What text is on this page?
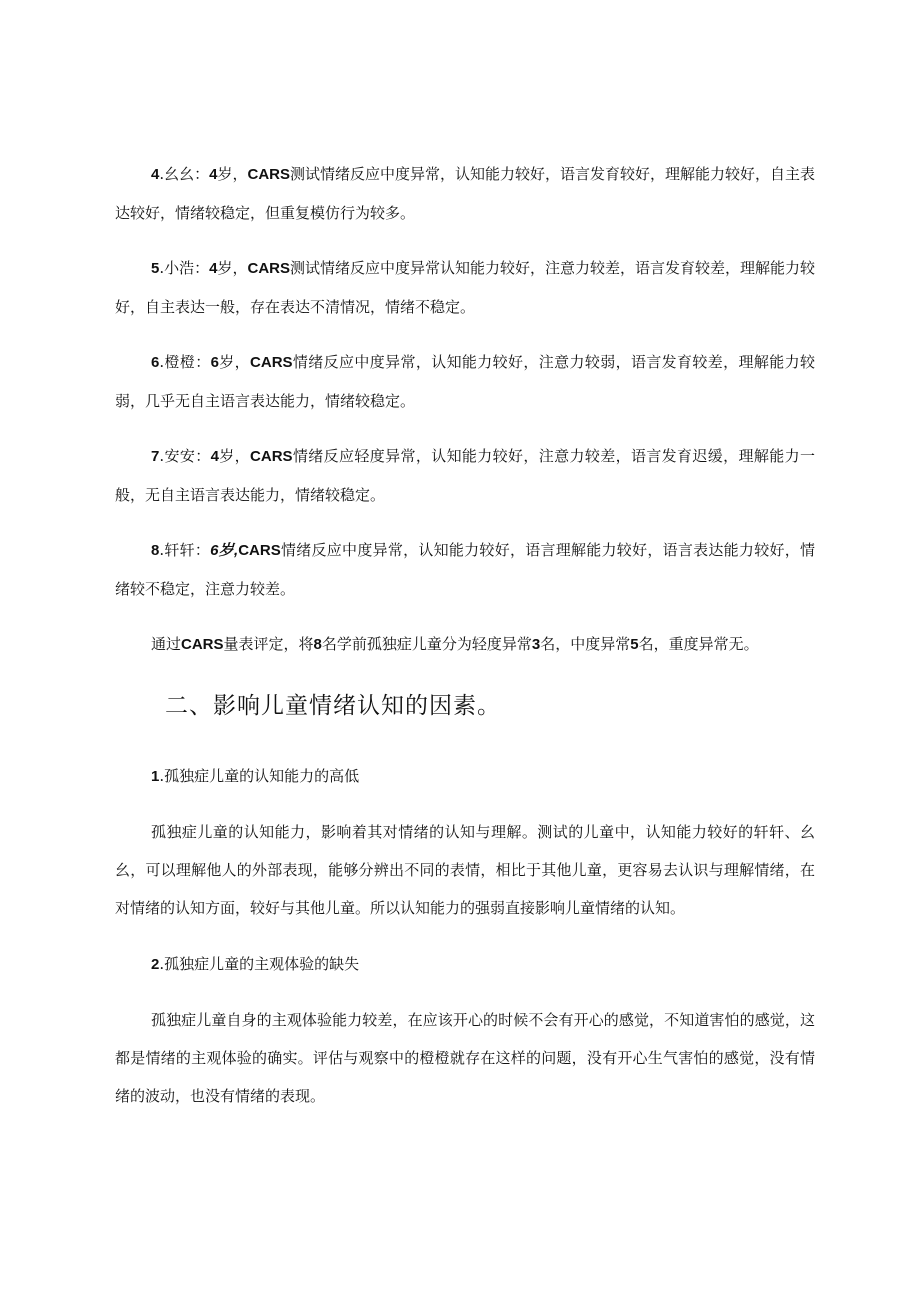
4.幺幺：4岁，CARS测试情绪反应中度异常，认知能力较好，语言发育较好，理解能力较好，自主表达较好，情绪较稳定，但重复模仿行为较多。

5.小浩：4岁，CARS测试情绪反应中度异常认知能力较好，注意力较差，语言发育较差，理解能力较好，自主表达一般，存在表达不清情况，情绪不稳定。

6.橙橙：6岁，CARS情绪反应中度异常，认知能力较好，注意力较弱，语言发育较差，理解能力较弱，几乎无自主语言表达能力，情绪较稳定。

7.安安：4岁，CARS情绪反应轻度异常，认知能力较好，注意力较差，语言发育迟缓，理解能力一般，无自主语言表达能力，情绪较稳定。

8.轩轩：6岁,CARS情绪反应中度异常，认知能力较好，语言理解能力较好，语言表达能力较好，情绪较不稳定，注意力较差。

通过CARS量表评定，将8名学前孤独症儿童分为轻度异常3名，中度异常5名，重度异常无。

二、影响儿童情绪认知的因素。

1.孤独症儿童的认知能力的高低

孤独症儿童的认知能力，影响着其对情绪的认知与理解。测试的儿童中，认知能力较好的轩轩、幺幺，可以理解他人的外部表现，能够分辨出不同的表情，相比于其他儿童，更容易去认识与理解情绪，在对情绪的认知方面，较好与其他儿童。所以认知能力的强弱直接影响儿童情绪的认知。

2.孤独症儿童的主观体验的缺失

孤独症儿童自身的主观体验能力较差，在应该开心的时候不会有开心的感觉，不知道害怕的感觉，这都是情绪的主观体验的确实。评估与观察中的橙橙就存在这样的问题，没有开心生气害怕的感觉，没有情绪的波动，也没有情绪的表现。
